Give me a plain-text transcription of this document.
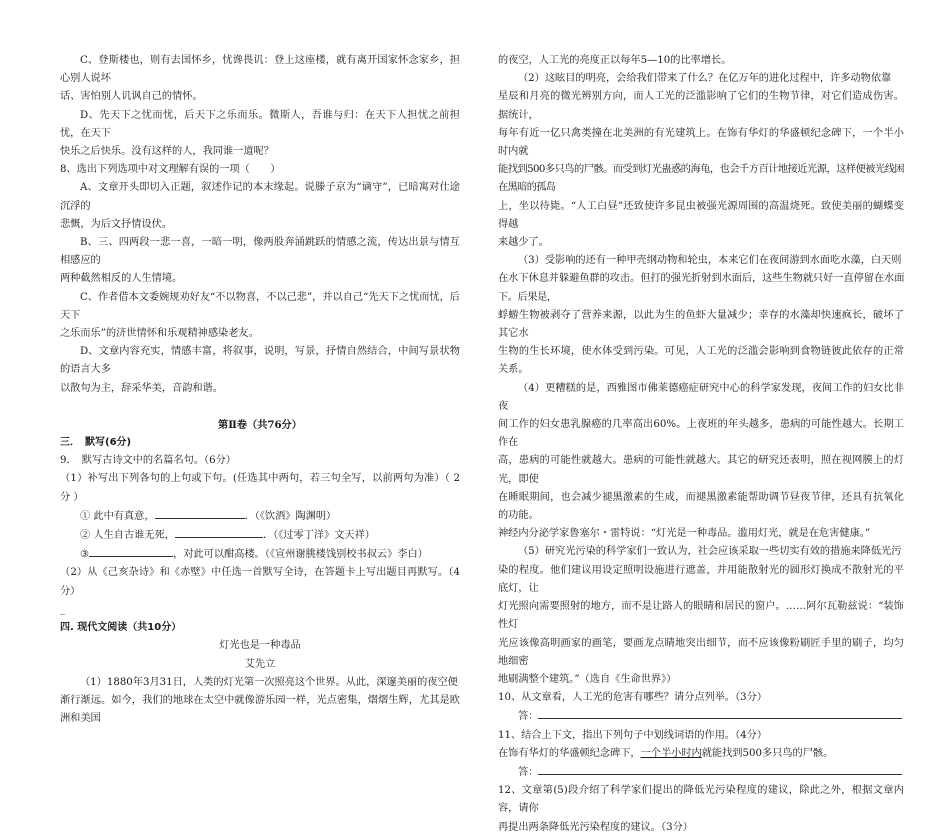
C、登斯楼也，则有去国怀乡，忧谗畏讥：登上这座楼，就有离开国家怀念家乡，担心别人说坏

话、害怕别人讥讽自己的情怀。

D、先天下之忧而忧，后天下之乐而乐。微斯人，吾谁与归：在天下人担忧之前担忧，在天下

快乐之后快乐。没有这样的人，我同谁一道呢？

8、选出下列选项中对文理解有误的一项（　　）

A、文章开头即切入正题，叙述作记的本末缘起。说滕子京为“谪守”，已暗寓对仕途沉浮的

悲慨，为后文抒情设伏。

B、三、四两段一悲一喜，一暗一明，像两股奔涌跳跃的情感之流，传达出景与情互相感应的

两种截然相反的人生情境。

C、作者借本文委婉规劝好友“不以物喜，不以己悲”，并以自己“先天下之忧而忧，后天下

之乐而乐”的济世情怀和乐观精神感染老友。

D、文章内容充实，情感丰富，将叙事，说明，写景，抒情自然结合，中间写景状物的语言大多

以散句为主，辞采华美，音韵和谐。

第Ⅱ卷（共76分）

三．　默写(6分)

9．　默写古诗文中的名篇名句。（6分）

（1）补写出下列各句的上句或下句。(任选其中两句，若三句全写，以前两句为准）（ 2分 ）

① 此中有真意，	．（《饮酒》陶渊明）

② 人生自古谁无死，	．（《过零丁洋》文天祥）

③	，对此可以酣高楼。（《宣州谢朓楼饯别校书叔云》李白）

（2）从《己亥杂诗》和《赤壁》中任选一首默写全诗，在答题卡上写出题目再默写。（4分）

_

四. 现代文阅读（共10分）

灯光也是一种毒品

艾先立

（1）1880年3月31日，人类的灯光第一次照亮这个世界。从此，深邃美丽的夜空便

渐行渐远。如今，我们的地球在太空中就像游乐园一样，光点密集，熠熠生辉，尤其是欧洲和美国

的夜空，人工光的亮度正以每年5—10的比率增长。

（2）这眩目的明亮，会给我们带来了什么？在亿万年的进化过程中，许多动物依靠

星辰和月亮的微光辨别方向，而人工光的泛滥影响了它们的生物节律，对它们造成伤害。据统计，

每年有近一亿只禽类撞在北美洲的有光建筑上。在饰有华灯的华盛顿纪念碑下，一个半小时内就

能找到500多只鸟的尸骸。而受到灯光蛊惑的海龟，也会千方百计地接近光源，这样便被光线困在黑暗的孤岛

上，坐以待毙。“人工白昼”还致使许多昆虫被强光源周围的高温烧死。致使美丽的蝴蝶变得越

来越少了。

（3）受影响的还有一种甲壳纲动物和轮虫，本来它们在夜间游到水面吃水藻，白天则

在水下休息并躲避鱼群的攻击。但打的强光折射到水面后，这些生物就只好一直停留在水面下。后果是，

蜉蝣生物被剥夺了营养来源，以此为生的鱼虾大量减少；幸存的水藻却快速疯长，破坏了其它水

生物的生长环境，使水体受到污染。可见，人工光的泛滥会影响到食物链彼此依存的正常关系。

（4）更糟糕的是，西雅图市佛莱德癌症研究中心的科学家发现，夜间工作的妇女比非夜

间工作的妇女患乳腺癌的几率高出60%。上夜班的年头越多，患病的可能性越大。长期工作在

高，患病的可能性就越大。患病的可能性就越大。其它的研究还表明，照在视网膜上的灯光，即使

在睡眠期间，也会减少褪黑激素的生成，而褪黑激素能帮助调节昼夜节律，还具有抗氧化的功能。

神经内分泌学家鲁塞尔・雷特说：“灯光是一种毒品。滥用灯光，就是在危害健康。”

（5）研究光污染的科学家们一致认为，社会应该采取一些切实有效的措施来降低光污

染的程度。他们建议用设定照明设施进行遮盖，并用能散射光的圆形灯换成不散射光的平底灯，让

灯光照向需要照射的地方，而不是让路人的眼睛和居民的窗户。……阿尔瓦勒兹说：“装饰性灯

光应该像高明画家的画笔，要画龙点睛地突出细节，而不应该像粉刷匠手里的刷子，均匀地细密

地刷满整个建筑。”（选自《生命世界》）

10、从文章看，人工光的危害有哪些？请分点列举。（3分）

答：

11、结合上下文，指出下列句子中划线词语的作用。（4分）

在饰有华灯的华盛顿纪念碑下，一个半小时内就能找到500多只鸟的尸骸。

答：

12、文章第(5)段介绍了科学家们提出的降低光污染程度的建议，除此之外，根据文章内容，请你

再提出两条降低光污染程度的建议。（3分）
